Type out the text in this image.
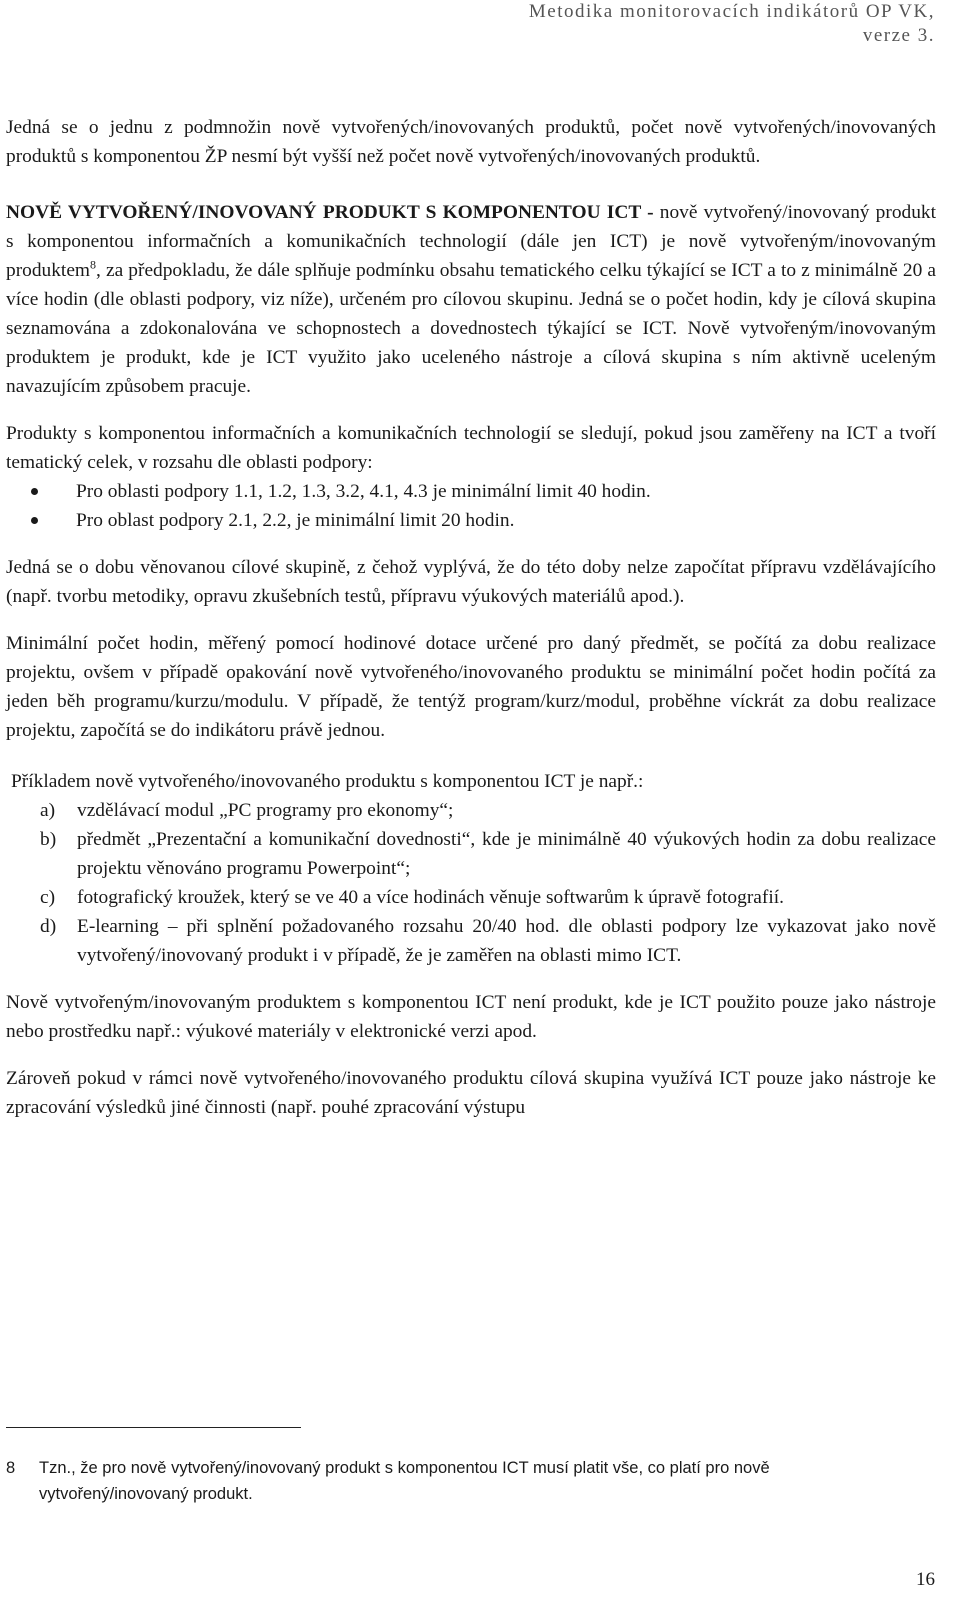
Metodika monitorovacích indikátorů OP VK,
verze 3.

Jedná se o jednu z podmnožin nově vytvořených/inovovaných produktů, počet nově vytvořených/inovovaných produktů s komponentou ŽP nesmí být vyšší než počet nově vytvořených/inovovaných produktů.

NOVĚ VYTVOŘENÝ/INOVOVANÝ PRODUKT S KOMPONENTOU ICT - nově vytvořený/inovovaný produkt s komponentou informačních a komunikačních technologií (dále jen ICT) je nově vytvořeným/inovovaným produktem$^8$, za předpokladu, že dále splňuje podmínku obsahu tematického celku týkající se ICT a to z minimálně 20 a více hodin (dle oblasti podpory, viz níže), určeném pro cílovou skupinu. Jedná se o počet hodin, kdy je cílová skupina seznamována a zdokonalována ve schopnostech a dovednostech týkající se ICT. Nově vytvořeným/inovovaným produktem je produkt, kde je ICT využito jako uceleného nástroje a cílová skupina s ním aktivně uceleným navazujícím způsobem pracuje.

Produkty s komponentou informačních a komunikačních technologií se sledují, pokud jsou zaměřeny na ICT a tvoří tematický celek, v rozsahu dle oblasti podpory:

Pro oblasti podpory 1.1, 1.2, 1.3, 3.2, 4.1, 4.3 je minimální limit 40 hodin.
Pro oblast podpory 2.1, 2.2, je minimální limit 20 hodin.

Jedná se o dobu věnovanou cílové skupině, z čehož vyplývá, že do této doby nelze započítat přípravu vzdělávajícího (např. tvorbu metodiky, opravu zkušebních testů, přípravu výukových materiálů apod.).

Minimální počet hodin, měřený pomocí hodinové dotace určené pro daný předmět, se počítá za dobu realizace projektu, ovšem v případě opakování nově vytvořeného/inovovaného produktu se minimální počet hodin počítá za jeden běh programu/kurzu/modulu. V případě, že tentýž program/kurz/modul, proběhne víckrát za dobu realizace projektu, započítá se do indikátoru právě jednou.

Příkladem nově vytvořeného/inovovaného produktu s komponentou ICT je např.:

a) vzdělávací modul „PC programy pro ekonomy“;
b) předmět „Prezentační a komunikační dovednosti“, kde je minimálně 40 výukových hodin za dobu realizace projektu věnováno programu Powerpoint“;
c) fotografický kroužek, který se ve 40 a více hodinách věnuje softwarům k úpravě fotografií.
d) E-learning – při splnění požadovaného rozsahu 20/40 hod. dle oblasti podpory lze vykazovat jako nově vytvořený/inovovaný produkt i v případě, že je zaměřen na oblasti mimo ICT.

Nově vytvořeným/inovovaným produktem s komponentou ICT není produkt, kde je ICT použito pouze jako nástroje nebo prostředku např.: výukové materiály v elektronické verzi apod.

Zároveň pokud v rámci nově vytvořeného/inovovaného produktu cílová skupina využívá ICT pouze jako nástroje ke zpracování výsledků jiné činnosti (např. pouhé zpracování výstupu

8 Tzn., že pro nově vytvořený/inovovaný produkt s komponentou ICT musí platit vše, co platí pro nově
vytvořený/inovovaný produkt.
16
